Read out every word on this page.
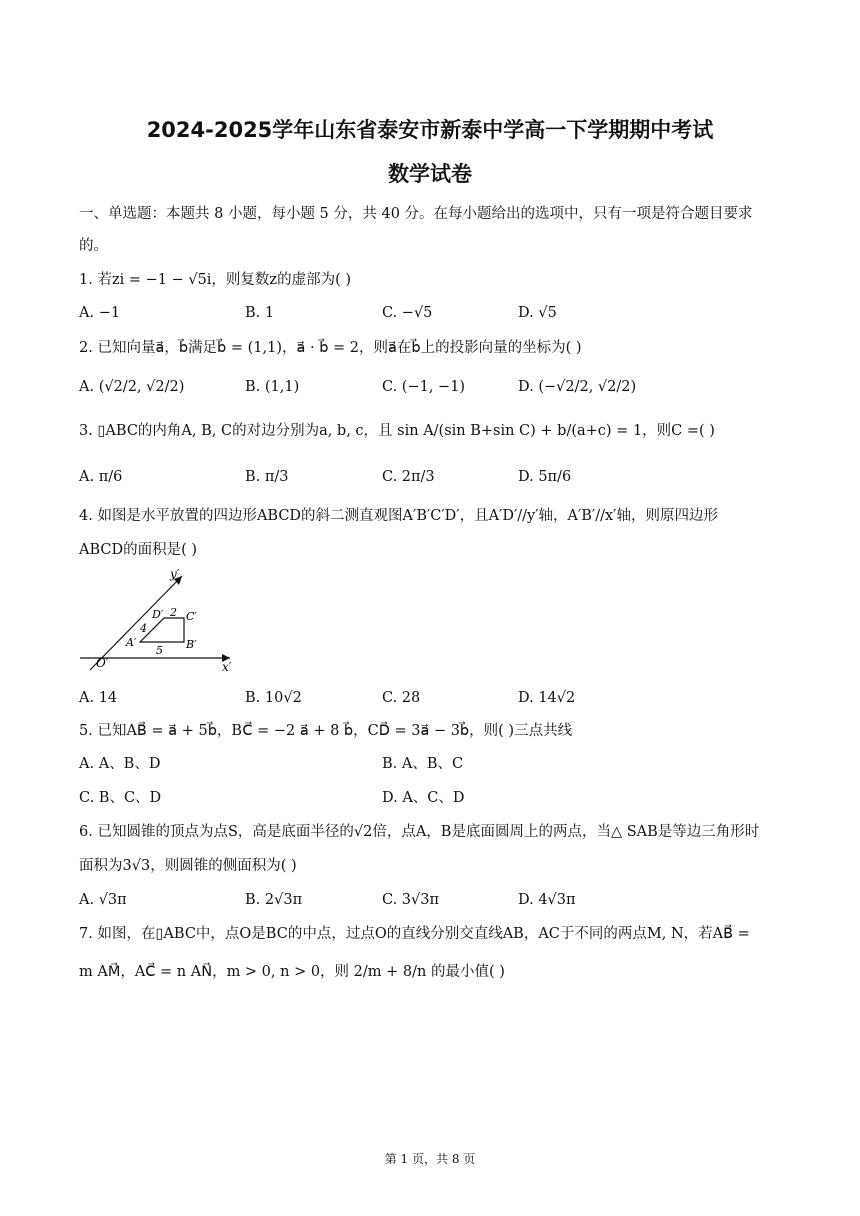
2024-2025学年山东省泰安市新泰中学高一下学期期中考试
数学试卷
一、单选题：本题共 8 小题，每小题 5 分，共 40 分。在每小题给出的选项中，只有一项是符合题目要求
的。
1. 若zi = −1 − √5i，则复数z的虚部为( )
A. −1	B. 1	C. −√5	D. √5
2. 已知向量a⃗，b⃗满足b⃗ = (1,1)，a⃗ · b⃗ = 2，则a⃗在b⃗上的投影向量的坐标为( )
A. (√2/2, √2/2)	B. (1,1)	C. (−1, −1)	D. (−√2/2, √2/2)
3. ▯ABC的内角A, B, C的对边分别为a, b, c，且 sin A/(sin B+sin C) + b/(a+c) = 1，则C =( )
A. π/6	B. π/3	C. 2π/3	D. 5π/6
4. 如图是水平放置的四边形ABCD的斜二测直观图A′B′C′D′，且A′D′//y′轴，A′B′//x′轴，则原四边形
ABCD的面积是( )
y′
x′
O′
A′	B′
C′
D′ 2
4
5
A. 14	B. 10√2	C. 28	D. 14√2
5. 已知AB⃗ = a⃗ + 5b⃗，BC⃗ = −2 a⃗ + 8 b⃗，CD⃗ = 3a⃗ − 3b⃗，则( )三点共线
A. A、B、D	B. A、B、C
C. B、C、D	D. A、C、D
6. 已知圆锥的顶点为点S，高是底面半径的√2倍，点A，B是底面圆周上的两点，当△ SAB是等边三角形时
面积为3√3，则圆锥的侧面积为( )
A. √3π	B. 2√3π	C. 3√3π	D. 4√3π
7. 如图，在▯ABC中，点O是BC的中点，过点O的直线分别交直线AB，AC于不同的两点M, N，若AB⃗ =
m AM⃗，AC⃗ = n AN⃗，m > 0, n > 0，则 2/m + 8/n 的最小值( )
第 1 页，共 8 页
